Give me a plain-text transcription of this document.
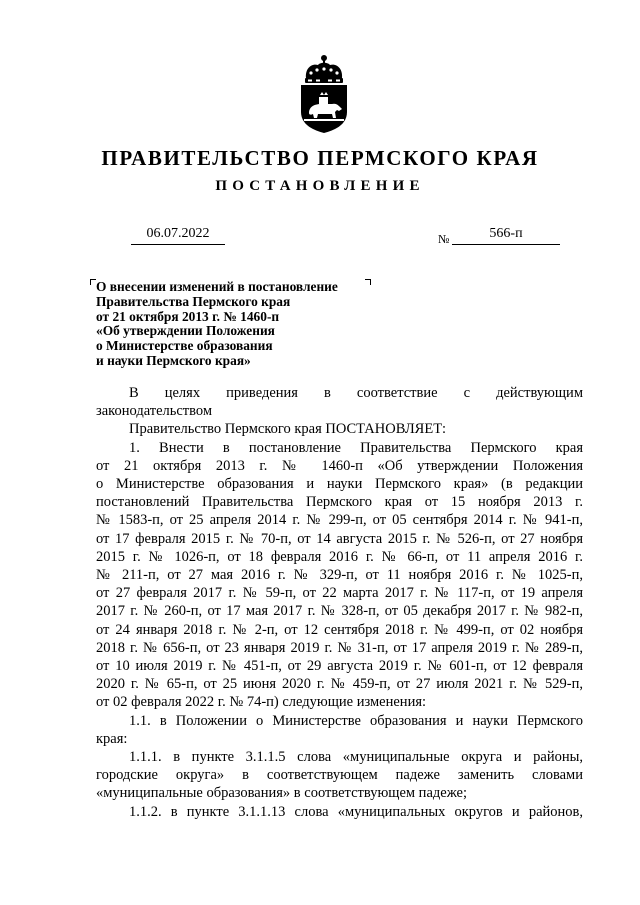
ПРАВИТЕЛЬСТВО ПЕРМСКОГО КРАЯ
ПОСТАНОВЛЕНИЕ
06.07.2022	№	566-п
О внесении изменений в постановление
Правительства Пермского края
от 21 октября 2013 г. № 1460-п
«Об утверждении Положения
о Министерстве образования
и науки Пермского края»

В целях приведения в соответствие с действующим

законодательством

Правительство Пермского края ПОСТАНОВЛЯЕТ:

1. Внести в постановление Правительства Пермского края

от 21 октября 2013 г. № 1460-п «Об утверждении Положения

о Министерстве образования и науки Пермского края» (в редакции

постановлений Правительства Пермского края от 15 ноября 2013 г.

№ 1583-п, от 25 апреля 2014 г. № 299-п, от 05 сентября 2014 г. № 941-п,

от 17 февраля 2015 г. № 70-п, от 14 августа 2015 г. № 526-п, от 27 ноября

2015 г. № 1026-п, от 18 февраля 2016 г. № 66-п, от 11 апреля 2016 г.

№ 211-п, от 27 мая 2016 г. № 329-п, от 11 ноября 2016 г. № 1025-п,

от 27 февраля 2017 г. № 59-п, от 22 марта 2017 г. № 117-п, от 19 апреля

2017 г. № 260-п, от 17 мая 2017 г. № 328-п, от 05 декабря 2017 г. № 982-п,

от 24 января 2018 г. № 2-п, от 12 сентября 2018 г. № 499-п, от 02 ноября

2018 г. № 656-п, от 23 января 2019 г. № 31-п, от 17 апреля 2019 г. № 289-п,

от 10 июля 2019 г. № 451-п, от 29 августа 2019 г. № 601-п, от 12 февраля

2020 г. № 65-п, от 25 июня 2020 г. № 459-п, от 27 июля 2021 г. № 529-п,

от 02 февраля 2022 г. № 74-п) следующие изменения:

1.1. в Положении о Министерстве образования и науки Пермского

края:

1.1.1. в пункте 3.1.1.5 слова «муниципальные округа и районы,

городские округа» в соответствующем падеже заменить словами

«муниципальные образования» в соответствующем падеже;

1.1.2. в пункте 3.1.1.13 слова «муниципальных округов и районов,
